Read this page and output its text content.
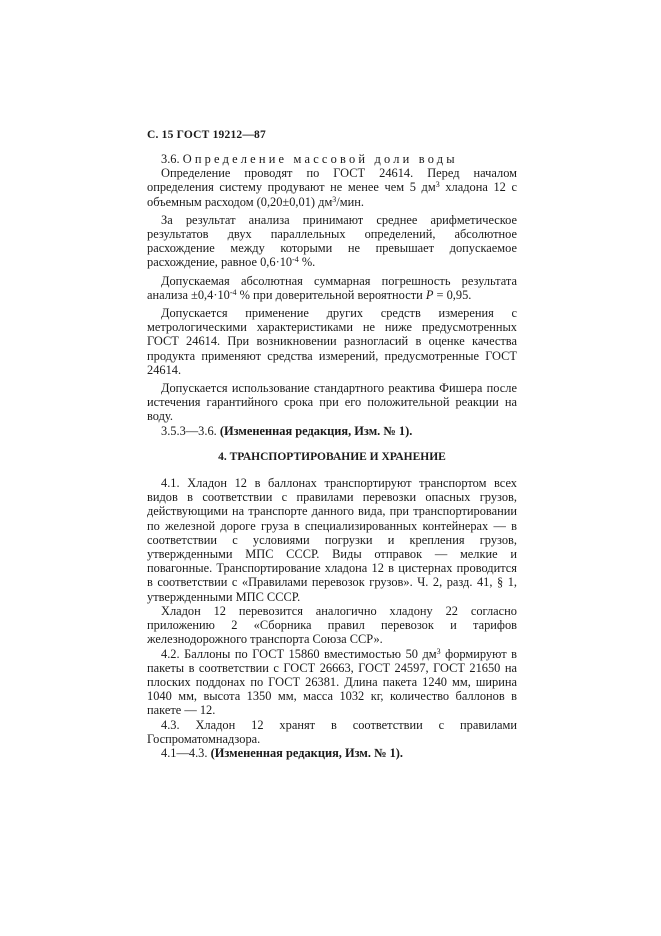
С. 15 ГОСТ 19212—87

3.6. Определение массовой доли воды

Определение проводят по ГОСТ 24614. Перед началом определения систему продувают не менее чем 5 $дм^3$ хладона 12 с объемным расходом (0,20±0,01) $дм^3$/мин.

За результат анализа принимают среднее арифметическое результатов двух параллельных определений, абсолютное расхождение между которыми не превышает допускаемое расхождение, равное $0,6\cdot 10^{-4}$ %.

Допускаемая абсолютная суммарная погрешность результата анализа $\pm 0,4\cdot 10^{-4}$ % при доверительной вероятности P = 0,95.

Допускается применение других средств измерения с метрологическими характеристиками не ниже предусмотренных ГОСТ 24614. При возникновении разногласий в оценке качества продукта применяют средства измерений, предусмотренные ГОСТ 24614.

Допускается использование стандартного реактива Фишера после истечения гарантийного срока при его положительной реакции на воду.

3.5.3—3.6. (Измененная редакция, Изм. № 1).

4. ТРАНСПОРТИРОВАНИЕ И ХРАНЕНИЕ

4.1. Хладон 12 в баллонах транспортируют транспортом всех видов в соответствии с правилами перевозки опасных грузов, действующими на транспорте данного вида, при транспортировании по железной дороге груза в специализированных контейнерах — в соответствии с условиями погрузки и крепления грузов, утвержденными МПС СССР. Виды отправок — мелкие и повагонные. Транспортирование хладона 12 в цистернах проводится в соответствии с «Правилами перевозок грузов». Ч. 2, разд. 41, § 1, утвержденными МПС СССР.

Хладон 12 перевозится аналогично хладону 22 согласно приложению 2 «Сборника правил перевозок и тарифов железнодорожного транспорта Союза ССР».

4.2. Баллоны по ГОСТ 15860 вместимостью 50 $дм^3$ формируют в пакеты в соответствии с ГОСТ 26663, ГОСТ 24597, ГОСТ 21650 на плоских поддонах по ГОСТ 26381. Длина пакета 1240 мм, ширина 1040 мм, высота 1350 мм, масса 1032 кг, количество баллонов в пакете — 12.

4.3. Хладон 12 хранят в соответствии с правилами Госпроматомнадзора.

4.1—4.3. (Измененная редакция, Изм. № 1).
